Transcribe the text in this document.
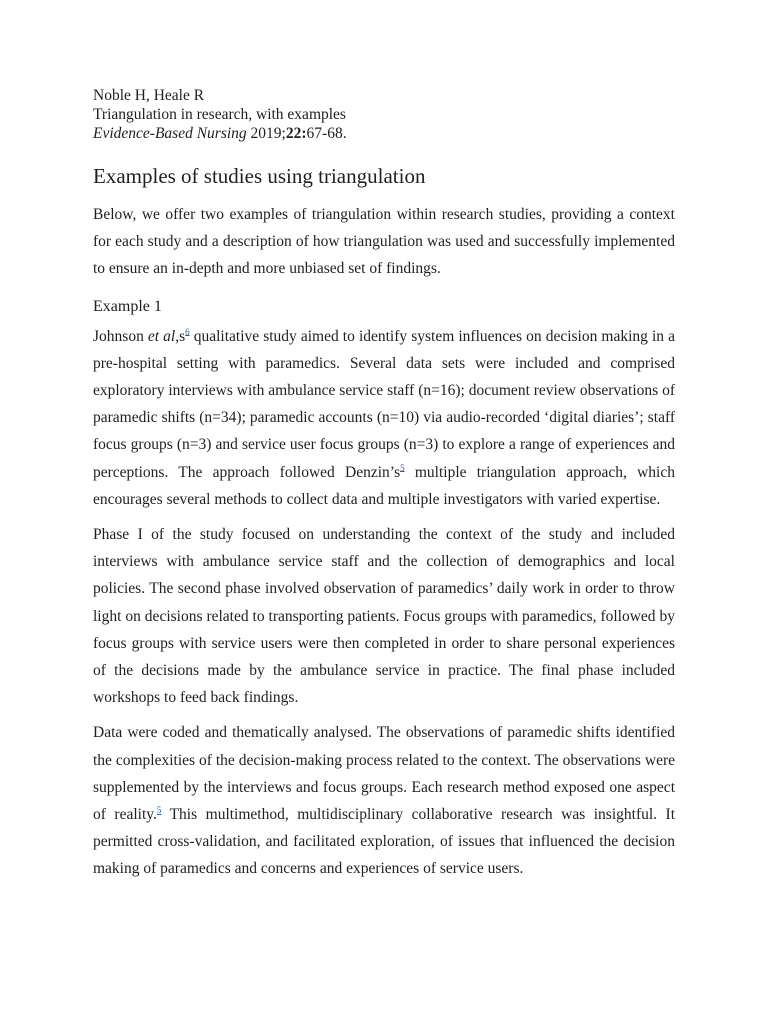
Noble H, Heale R
Triangulation in research, with examples
Evidence-Based Nursing 2019;22:67-68.
Examples of studies using triangulation

Below, we offer two examples of triangulation within research studies, providing a context for each study and a description of how triangulation was used and successfully implemented to ensure an in-depth and more unbiased set of findings.

Example 1

Johnson et al,s$^6$ qualitative study aimed to identify system influences on decision making in a pre-hospital setting with paramedics. Several data sets were included and comprised exploratory interviews with ambulance service staff (n=16); document review observations of paramedic shifts (n=34); paramedic accounts (n=10) via audio-recorded ‘digital diaries’; staff focus groups (n=3) and service user focus groups (n=3) to explore a range of experiences and perceptions. The approach followed Denzin’s$^5$ multiple triangulation approach, which encourages several methods to collect data and multiple investigators with varied expertise.

Phase I of the study focused on understanding the context of the study and included interviews with ambulance service staff and the collection of demographics and local policies. The second phase involved observation of paramedics’ daily work in order to throw light on decisions related to transporting patients. Focus groups with paramedics, followed by focus groups with service users were then completed in order to share personal experiences of the decisions made by the ambulance service in practice. The final phase included workshops to feed back findings.

Data were coded and thematically analysed. The observations of paramedic shifts identified the complexities of the decision-making process related to the context. The observations were supplemented by the interviews and focus groups. Each research method exposed one aspect of reality.$^5$ This multimethod, multidisciplinary collaborative research was insightful. It permitted cross-validation, and facilitated exploration, of issues that influenced the decision making of paramedics and concerns and experiences of service users.
